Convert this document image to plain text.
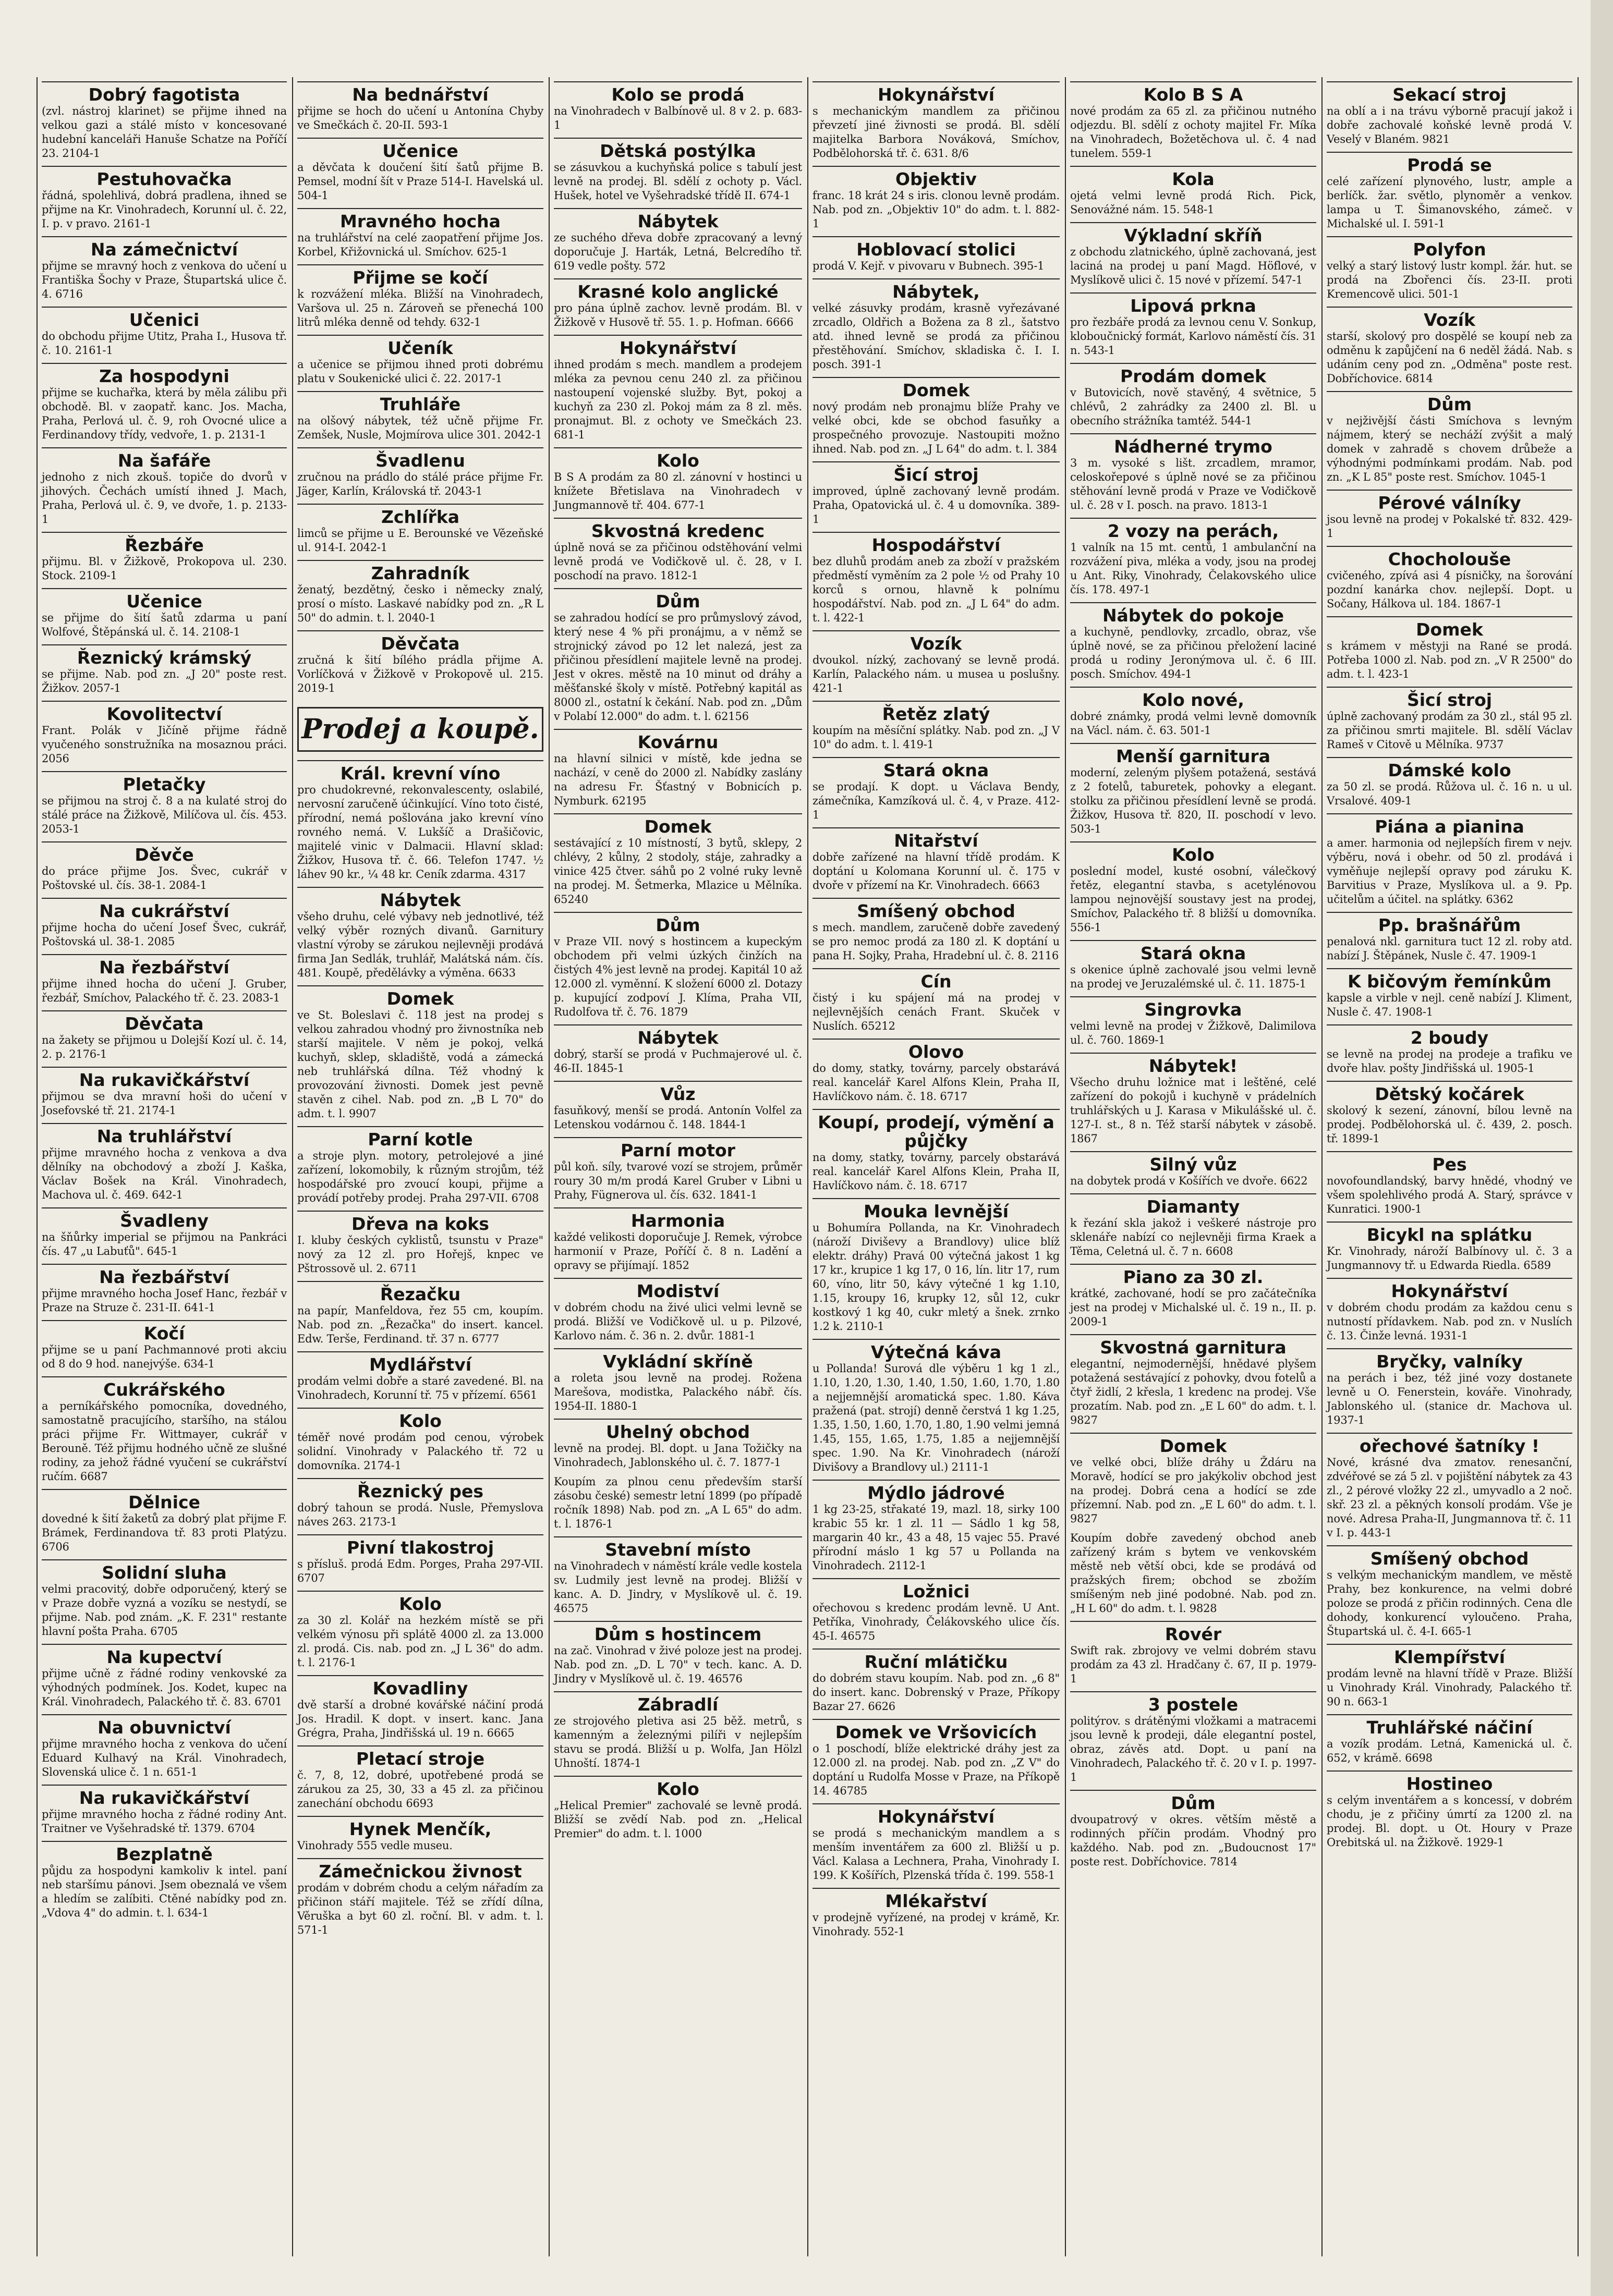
Dobrý fagotista
(zvl. nástroj klarinet) se přijme ihned na velkou gazi a stálé místo v koncesované hudební kanceláři Hanuše Schatze na Poříčí 23. 2104-1
Pestuhovačka
řádná, spolehlivá, dobrá pradlena, ihned se přijme na Kr. Vinohradech, Korunní ul. č. 22, I. p. v pravo. 2161-1
Na zámečnictví
přijme se mravný hoch z venkova do učení u Františka Šochy v Praze, Štupartská ulice č. 4. 6716
Učenici
do obchodu přijme Utitz, Praha I., Husova tř. č. 10. 2161-1
Za hospodyni
přijme se kuchařka, která by měla zálibu při obchodě. Bl. v zaopatř. kanc. Jos. Macha, Praha, Perlová ul. č. 9, roh Ovocné ulice a Ferdinandovy třídy, vedvoře, 1. p. 2131-1
Na šafáře
jednoho z nich zkouš. topiče do dvorů v jihových. Čechách umístí ihned J. Mach, Praha, Perlová ul. č. 9, ve dvoře, 1. p. 2133-1
Řezbáře
přijmu. Bl. v Žižkově, Prokopova ul. 230. Stock. 2109-1
Učenice
se přijme do šití šatů zdarma u paní Wolfové, Štěpánská ul. č. 14. 2108-1
Řeznický krámský
se přijme. Nab. pod zn. „J 20" poste rest. Žižkov. 2057-1
Kovolitectví
Frant. Polák v Jičíně přijme řádně vyučeného sonstružníka na mosaznou práci. 2056
Pletačky
se přijmou na stroj č. 8 a na kulaté stroj do stálé práce na Žižkově, Milíčova ul. čís. 453. 2053-1
Děvče
do práce přijme Jos. Švec, cukrář v Poštovské ul. čís. 38-1. 2084-1
Na cukrářství
přijme hocha do učení Josef Švec, cukrář, Poštovská ul. 38-1. 2085
Na řezbářství
přijme ihned hocha do učení J. Gruber, řezbář, Smíchov, Palackého tř. č. 23. 2083-1
Děvčata
na žakety se přijmou u Dolejší Kozí ul. č. 14, 2. p. 2176-1
Na rukavičkářství
přijmou se dva mravní hoši do učení v Josefovské tř. 21. 2174-1
Na truhlářství
přijme mravného hocha z venkova a dva dělníky na obchodový a zboží J. Kaška, Václav Bošek na Král. Vinohradech, Machova ul. č. 469. 642-1
Švadleny
na šňůrky imperial se přijmou na Pankráci čís. 47 „u Labuťů". 645-1
Na řezbářství
přijme mravného hocha Josef Hanc, řezbář v Praze na Struze č. 231-II. 641-1
Kočí
přijme se u paní Pachmannové proti akciu od 8 do 9 hod. nanejvýše. 634-1
Cukrářského
a perníkářského pomocníka, dovedného, samostatně pracujícího, staršího, na stálou práci přijme Fr. Wittmayer, cukrář v Berouně. Též přijmu hodného učně ze slušné rodiny, za jehož řádné vyučení se cukrářství ručím. 6687
Dělnice
dovedné k šití žaketů za dobrý plat přijme F. Brámek, Ferdinandova tř. 83 proti Platýzu. 6706
Solidní sluha
velmi pracovitý, dobře odporučený, který se v Praze dobře vyzná a vozíku se nestydí, se přijme. Nab. pod znám. „K. F. 231" restante hlavní pošta Praha. 6705
Na kupectví
přijme učně z řádné rodiny venkovské za výhodných podmínek. Jos. Kodet, kupec na Král. Vinohradech, Palackého tř. č. 83. 6701
Na obuvnictví
přijme mravného hocha z venkova do učení Eduard Kulhavý na Král. Vinohradech, Slovenská ulice č. 1 n. 651-1
Na rukavičkářství
přijme mravného hocha z řádné rodiny Ant. Traitner ve Vyšehradské tř. 1379. 6704
Bezplatně
půjdu za hospodyni kamkoliv k intel. paní neb staršímu pánovi. Jsem obeznalá ve všem a hledím se zalíbiti. Ctěné nabídky pod zn. „Vdova 4" do admin. t. l. 634-1
Na bednářství
přijme se hoch do učení u Antonína Chyby ve Smečkách č. 20-II. 593-1
Učenice
a děvčata k doučení šití šatů přijme B. Pemsel, modní šít v Praze 514-I. Havelská ul. 504-1
Mravného hocha
na truhlářství na celé zaopatření přijme Jos. Korbel, Křižovnická ul. Smíchov. 625-1
Přijme se kočí
k rozvážení mléka. Bližší na Vinohradech, Varšova ul. 25 n. Zároveň se přenechá 100 litrů mléka denně od tehdy. 632-1
Učeník
a učenice se přijmou ihned proti dobrému platu v Soukenické ulici č. 22. 2017-1
Truhláře
na olšový nábytek, též učně přijme Fr. Zemšek, Nusle, Mojmírova ulice 301. 2042-1
Švadlenu
zručnou na prádlo do stálé práce přijme Fr. Jäger, Karlín, Královská tř. 2043-1
Zchlířka
limců se přijme u E. Berounské ve Vězeňské ul. 914-I. 2042-1
Zahradník
ženatý, bezdětný, česko i německy znalý, prosí o místo. Laskavé nabídky pod zn. „R L 50" do admin. t. l. 2040-1
Děvčata
zručná k šití bílého prádla přijme A. Vorlíčková v Žižkově v Prokopově ul. 215. 2019-1
Prodej a koupě.
Král. krevní víno
pro chudokrevné, rekonvalescenty, oslabilé, nervosní zaručeně účinkující. Víno toto čisté, přírodní, nemá pošlována jako krevní víno rovného nemá. V. Lukšíč a Drašičovic, majitelé vinic v Dalmacii. Hlavní sklad: Žižkov, Husova tř. č. 66. Telefon 1747. ½ láhev 90 kr., ¼ 48 kr. Ceník zdarma. 4317
Nábytek
všeho druhu, celé výbavy neb jednotlivé, též velký výběr rozných divanů. Garnitury vlastní výroby se zárukou nejlevněji prodává firma Jan Sedlák, truhlář, Malátská nám. čís. 481. Koupě, předělávky a výměna. 6633
Domek
ve St. Boleslavi č. 118 jest na prodej s velkou zahradou vhodný pro živnostníka neb starší majitele. V něm je pokoj, velká kuchyň, sklep, skladiště, vodá a zámecká neb truhlářská dílna. Též vhodný k provozování živnosti. Domek jest pevně stavěn z cihel. Nab. pod zn. „B L 70" do adm. t. l. 9907
Parní kotle
a stroje plyn. motory, petrolejové a jiné zařízení, lokomobily, k různým strojům, též hospodářské pro zvoucí koupi, přijme a provádí potřeby prodej. Praha 297-VII. 6708
Dřeva na koks
I. kluby českých cyklistů, tsunstu v Praze" nový za 12 zl. pro Hořejš, knpec ve Pštrossově ul. 2. 6711
Řezačku
na papír, Manfeldova, řez 55 cm, koupím. Nab. pod zn. „Řezačka" do insert. kancel. Edw. Terše, Ferdinand. tř. 37 n. 6777
Mydlářství
prodám velmi dobře a staré zavedené. Bl. na Vinohradech, Korunní tř. 75 v přízemí. 6561
Kolo
téměř nové prodám pod cenou, výrobek solidní. Vinohrady v Palackého tř. 72 u domovníka. 2174-1
Řeznický pes
dobrý tahoun se prodá. Nusle, Přemyslova náves 263. 2173-1
Pivní tlakostroj
s přísluš. prodá Edm. Porges, Praha 297-VII. 6707
Kolo
za 30 zl. Kolář na hezkém místě se při velkém výnosu při splátě 4000 zl. za 13.000 zl. prodá. Cis. nab. pod zn. „J L 36" do adm. t. l. 2176-1
Kovadliny
dvě starší a drobné kovářské náčiní prodá Jos. Hradil. K dopt. v insert. kanc. Jana Grégra, Praha, Jindřišská ul. 19 n. 6665
Pletací stroje
č. 7, 8, 12, dobré, upotřebené prodá se zárukou za 25, 30, 33 a 45 zl. za přičinou zanechání obchodu 6693
Hynek Menčík,
Vinohrady 555 vedle museu.
Zámečnickou živnost
prodám v dobrém chodu a celým nářadím za přičinon stáří majitele. Též se zřídí dílna, Věruška a byt 60 zl. roční. Bl. v adm. t. l. 571-1
Kolo se prodá
na Vinohradech v Balbínově ul. 8 v 2. p. 683-1
Dětská postýlka
se zásuvkou a kuchyňská police s tabulí jest levně na prodej. Bl. sdělí z ochoty p. Václ. Hušek, hotel ve Vyšehradské třídě II. 674-1
Nábytek
ze suchého dřeva dobře zpracovaný a levný doporučuje J. Harták, Letná, Belcredího tř. 619 vedle pošty. 572
Krasné kolo anglické
pro pána úplně zachov. levně prodám. Bl. v Žižkově v Husově tř. 55. 1. p. Hofman. 6666
Hokynářství
ihned prodám s mech. mandlem a prodejem mléka za pevnou cenu 240 zl. za přičinou nastoupení vojenské služby. Byt, pokoj a kuchyň za 230 zl. Pokoj mám za 8 zl. měs. pronajmut. Bl. z ochoty ve Smečkách 23. 681-1
Kolo
B S A prodám za 80 zl. zánovní v hostinci u knížete Břetislava na Vinohradech v Jungmannově tř. 404. 677-1
Skvostná kredenc
úplně nová se za přičinou odstěhování velmi levně prodá ve Vodičkově ul. č. 28, v I. poschodí na pravo. 1812-1
Dům
se zahradou hodící se pro průmyslový závod, který nese 4 % při pronájmu, a v němž se strojnický závod po 12 let nalezá, jest za přičinou přesídlení majitele levně na prodej. Jest v okres. městě na 10 minut od dráhy a měšťanské školy v místě. Potřebný kapitál as 8000 zl., ostatní k čekání. Nab. pod zn. „Dům v Polabí 12.000" do adm. t. l. 62156
Kovárnu
na hlavní silnici v místě, kde jedna se nachází, v ceně do 2000 zl. Nabídky zaslány na adresu Fr. Šťastný v Bobnicích p. Nymburk. 62195
Domek
sestávající z 10 místností, 3 bytů, sklepy, 2 chlévy, 2 kůlny, 2 stodoly, stáje, zahradky a vinice 425 čtver. sáhů po 2 volné ruky levně na prodej. M. Šetmerka, Mlazice u Mělníka. 65240
Dům
v Praze VII. nový s hostincem a kupeckým obchodem při velmi úzkých činžích na čistých 4% jest levně na prodej. Kapitál 10 až 12.000 zl. vyměnní. K složení 6000 zl. Dotazy p. kupující zodpoví J. Klíma, Praha VII, Rudolfova tř. č. 76. 1879
Nábytek
dobrý, starší se prodá v Puchmajerové ul. č. 46-II. 1845-1
Vůz
fasuňkový, menší se prodá. Antonín Volfel za Letenskou vodárnou č. 148. 1844-1
Parní motor
půl koň. síly, tvarové vozí se strojem, průměr roury 30 m/m prodá Karel Gruber v Libni u Prahy, Fügnerova ul. čís. 632. 1841-1
Harmonia
každé velikosti doporučuje J. Remek, výrobce harmonií v Praze, Poříčí č. 8 n. Ladění a opravy se přijímají. 1852
Modiství
v dobrém chodu na živé ulici velmi levně se prodá. Bližší ve Vodičkově ul. u p. Pilzové, Karlovo nám. č. 36 n. 2. dvůr. 1881-1
Vykládní skříně
a roleta jsou levně na prodej. Rožena Marešova, modistka, Palackého nábř. čís. 1954-II. 1880-1
Uhelný obchod
levně na prodej. Bl. dopt. u Jana Tožičky na Vinohradech, Jablonského ul. č. 7. 1877-1
Koupím za plnou cenu především starší zásobu české) semestr letní 1899 (po případě ročník 1898) Nab. pod zn. „A L 65" do adm. t. l. 1876-1
Stavební místo
na Vinohradech v náměstí krále vedle kostela sv. Ludmily jest levně na prodej. Bližší v kanc. A. D. Jindry, v Myslíkově ul. č. 19. 46575
Dům s hostincem
na zač. Vinohrad v živé poloze jest na prodej. Nab. pod zn. „D. L 70" v tech. kanc. A. D. Jindry v Myslíkově ul. č. 19. 46576
Zábradlí
ze strojového pletiva asi 25 běž. metrů, s kamenným a železnými pilíři v nejlepším stavu se prodá. Bližší u p. Wolfa, Jan Hölzl Uhnoští. 1874-1
Kolo
„Helical Premier" zachovalé se levně prodá. Bližší se zvědí Nab. pod zn. „Helical Premier" do adm. t. l. 1000
Hokynářství
s mechanickým mandlem za přičinou převzetí jiné živnosti se prodá. Bl. sdělí majitelka Barbora Nováková, Smíchov, Podbělohorská tř. č. 631. 8/6
Objektiv
franc. 18 krát 24 s iris. clonou levně prodám. Nab. pod zn. „Objektiv 10" do adm. t. l. 882-1
Hoblovací stolici
prodá V. Kejř. v pivovaru v Bubnech. 395-1
Nábytek,
velké zásuvky prodám, krasně vyřezávané zrcadlo, Oldřich a Božena za 8 zl., šatstvo atd. ihned levně se prodá za přičinou přestěhování. Smíchov, skladiska č. I. I. posch. 391-1
Domek
nový prodám neb pronajmu blíže Prahy ve velké obci, kde se obchod fasuňky a prospečného provozuje. Nastoupiti možno ihned. Nab. pod zn. „J L 64" do adm. t. l. 384
Šicí stroj
improved, úplně zachovaný levně prodám. Praha, Opatovická ul. č. 4 u domovníka. 389-1
Hospodářství
bez dluhů prodám aneb za zboží v pražském předměstí vyměním za 2 pole ½ od Prahy 10 korců s ornou, hlavně k polnímu hospodářství. Nab. pod zn. „J L 64" do adm. t. l. 422-1
Vozík
dvoukol. nízký, zachovaný se levně prodá. Karlín, Palackého nám. u musea u poslušny. 421-1
Řetěz zlatý
koupím na měsíční splátky. Nab. pod zn. „J V 10" do adm. t. l. 419-1
Stará okna
se prodají. K dopt. u Václava Bendy, zámečníka, Kamzíková ul. č. 4, v Praze. 412-1
Nitařství
dobře zařízené na hlavní třídě prodám. K doptání u Kolomana Korunní ul. č. 175 v dvoře v přízemí na Kr. Vinohradech. 6663
Smíšený obchod
s mech. mandlem, zaručeně dobře zavedený se pro nemoc prodá za 180 zl. K doptání u pana H. Sojky, Praha, Hradební ul. č. 8. 2116
Cín
čistý i ku spájení má na prodej v nejlevnějších cenách Frant. Skuček v Nuslích. 65212
Olovo
do domy, statky, továrny, parcely obstarává real. kancelář Karel Alfons Klein, Praha II, Havlíčkovo nám. č. 18. 6717
Koupí, prodejí, výmění a půjčky
na domy, statky, továrny, parcely obstarává real. kancelář Karel Alfons Klein, Praha II, Havlíčkovo nám. č. 18. 6717
Mouka levnější
u Bohumíra Pollanda, na Kr. Vinohradech (nároží Diviševy a Brandlovy) ulice blíž elektr. dráhy) Pravá 00 výtečná jakost 1 kg 17 kr., krupice 1 kg 17, 0 16, lín. litr 17, rum 60, víno, litr 50, kávy výtečné 1 kg 1.10, 1.15, kroupy 16, krupky 12, sůl 12, cukr kostkový 1 kg 40, cukr mletý a šnek. zrnko 1.2 k. 2110-1
Výtečná káva
u Pollanda! Surová dle výběru 1 kg 1 zl., 1.10, 1.20, 1.30, 1.40, 1.50, 1.60, 1.70, 1.80 a nejjemnější aromatická spec. 1.80. Káva pražená (pat. strojí) denně čerstvá 1 kg 1.25, 1.35, 1.50, 1.60, 1.70, 1.80, 1.90 velmi jemná 1.45, 155, 1.65, 1.75, 1.85 a nejjemnější spec. 1.90. Na Kr. Vinohradech (nároží Divišovy a Brandlovy ul.) 2111-1
Mýdlo jádrové
1 kg 23-25, střakaté 19, mazl. 18, sirky 100 krabic 55 kr. 1 zl. 11 — Sádlo 1 kg 58, margarin 40 kr., 43 a 48, 15 vajec 55. Pravé přírodní máslo 1 kg 57 u Pollanda na Vinohradech. 2112-1
Ložnici
ořechovou s kredenc prodám levně. U Ant. Petříka, Vinohrady, Čelákovského ulice čís. 45-I. 46575
Ruční mlátičku
do dobrém stavu koupím. Nab. pod zn. „6 8" do insert. kanc. Dobrenský v Praze, Příkopy Bazar 27. 6626
Domek ve Vršovicích
o 1 poschodí, blíže elektrické dráhy jest za 12.000 zl. na prodej. Nab. pod zn. „Z V" do doptání u Rudolfa Mosse v Praze, na Příkopě 14. 46785
Hokynářství
se prodá s mechanickým mandlem a s menším inventářem za 600 zl. Bližší u p. Václ. Kalasa a Lechnera, Praha, Vinohrady I. 199. K Košířích, Plzenská třída č. 199. 558-1
Mlékařství
v prodejně vyřízené, na prodej v krámě, Kr. Vinohrady. 552-1
Kolo B S A
nové prodám za 65 zl. za přičinou nutného odjezdu. Bl. sdělí z ochoty majitel Fr. Míka na Vinohradech, Božetěchova ul. č. 4 nad tunelem. 559-1
Kola
ojetá velmi levně prodá Rich. Pick, Senovážné nám. 15. 548-1
Výkladní skříň
z obchodu zlatnického, úplně zachovaná, jest laciná na prodej u paní Magd. Höflové, v Myslíkově ulici č. 15 nové v přízemí. 547-1
Lipová prkna
pro řezbáře prodá za levnou cenu V. Sonkup, kloboučnický formát, Karlovo náměstí čís. 31 n. 543-1
Prodám domek
v Butovicích, nově stavěný, 4 světnice, 5 chlévů, 2 zahrádky za 2400 zl. Bl. u obecního strážníka tamtéž. 544-1
Nádherné trymo
3 m. vysoké s lišt. zrcadlem, mramor, celoskořepové s úplně nové se za přičinou stěhování levně prodá v Praze ve Vodičkově ul. č. 28 v I. posch. na pravo. 1813-1
2 vozy na perách,
1 valník na 15 mt. centů, 1 ambulanční na rozvážení piva, mléka a vody, jsou na prodej u Ant. Riky, Vinohrady, Čelakovského ulice čís. 178. 497-1
Nábytek do pokoje
a kuchyně, pendlovky, zrcadlo, obraz, vše úplně nové, se za přičinou přeložení laciné prodá u rodiny Jeronýmova ul. č. 6 III. posch. Smíchov. 494-1
Kolo nové,
dobré známky, prodá velmi levně domovník na Václ. nám. č. 63. 501-1
Menší garnitura
moderní, zeleným plyšem potažená, sestává z 2 fotelů, taburetek, pohovky a elegant. stolku za přičinou přesídlení levně se prodá. Žižkov, Husova tř. 820, II. poschodí v levo. 503-1
Kolo
poslední model, kusté osobní, válečkový řetěz, elegantní stavba, s acetylénovou lampou nejnovější soustavy jest na prodej, Smíchov, Palackého tř. 8 bližší u domovníka. 556-1
Stará okna
s okenice úplně zachovalé jsou velmi levně na prodej ve Jeruzalémské ul. č. 11. 1875-1
Singrovka
velmi levně na prodej v Žižkově, Dalimilova ul. č. 760. 1869-1
Nábytek!
Všecho druhu ložnice mat i leštěné, celé zařízení do pokojů i kuchyně v prádelních truhlářských u J. Karasa v Mikulášské ul. č. 127-I. st., 8 n. Též starší nábytek v zásobě. 1867
Silný vůz
na dobytek prodá v Košířích ve dvoře. 6622
Diamanty
k řezání skla jakož i veškeré nástroje pro sklenáře nabízí co nejlevněji firma Kraek a Těma, Celetná ul. č. 7 n. 6608
Piano za 30 zl.
krátké, zachované, hodí se pro začátečníka jest na prodej v Michalské ul. č. 19 n., II. p. 2009-1
Skvostná garnitura
elegantní, nejmodernější, hnědavé plyšem potažená sestávající z pohovky, dvou fotelů a čtyř židlí, 2 křesla, 1 kredenc na prodej. Vše prozatím. Nab. pod zn. „E L 60" do adm. t. l. 9827
Domek
ve velké obci, blíže dráhy u Ždáru na Moravě, hodící se pro jakýkoliv obchod jest na prodej. Dobrá cena a hodící se zde přízemní. Nab. pod zn. „E L 60" do adm. t. l. 9827
Koupím dobře zavedený obchod aneb zařízený krám s bytem ve venkovském městě neb větší obci, kde se prodává od pražských firem; obchod se zbožím smíšeným neb jiné podobné. Nab. pod zn. „H L 60" do adm. t. l. 9828
Rovér
Swift rak. zbrojovy ve velmi dobrém stavu prodám za 43 zl. Hradčany č. 67, II p. 1979-1
3 postele
politýrov. s drátěnými vložkami a matracemi jsou levně k prodeji, dále elegantní postel, obraz, závěs atd. Dopt. u paní na Vinohradech, Palackého tř. č. 20 v I. p. 1997-1
Dům
dvoupatrový v okres. větším městě a rodinných příčin prodám. Vhodný pro každého. Nab. pod zn. „Budoucnost 17" poste rest. Dobříchovice. 7814
Sekací stroj
na oblí a i na trávu výborně pracují jakož i dobře zachovalé koňské levně prodá V. Veselý v Blaném. 9821
Prodá se
celé zařízení plynového, lustr, ample a berlíčk. žar. světlo, plynoměr a venkov. lampa u T. Šimanovského, zámeč. v Michalské ul. I. 591-1
Polyfon
velký a starý listový lustr kompl. žár. hut. se prodá na Zbořenci čís. 23-II. proti Kremencově ulici. 501-1
Vozík
starší, skolový pro dospělé se koupí neb za odměnu k zapůjčení na 6 neděl žádá. Nab. s udáním ceny pod zn. „Odměna" poste rest. Dobříchovice. 6814
Dům
v nejživější části Smíchova s levným nájmem, který se necháží zvýšit a malý domek v zahradě s chovem drůbeže a výhodnými podmínkami prodám. Nab. pod zn. „K L 85" poste rest. Smíchov. 1045-1
Pérové válníky
jsou levně na prodej v Pokalské tř. 832. 429-1
Chocholouše
cvičeného, zpívá asi 4 písničky, na šorování pozdní kanárka chov. nejlepší. Dopt. u Sočany, Hálkova ul. 184. 1867-1
Domek
s krámem v městyji na Rané se prodá. Potřeba 1000 zl. Nab. pod zn. „V R 2500" do adm. t. l. 423-1
Šicí stroj
úplně zachovaný prodám za 30 zl., stál 95 zl. za přičinou smrti majitele. Bl. sdělí Václav Rameš v Citově u Mělníka. 9737
Dámské kolo
za 50 zl. se prodá. Růžova ul. č. 16 n. u ul. Vrsalové. 409-1
Piána a pianina
a amer. harmonia od nejlepších firem v nejv. výběru, nová i obehr. od 50 zl. prodává i vyměňuje nejlepší opravy pod záruku K. Barvitius v Praze, Myslíkova ul. a 9. Pp. učitelům a účitel. na splátky. 6362
Pp. brašnářům
penalová nkl. garnitura tuct 12 zl. roby atd. nabízí J. Štěpánek, Nusle č. 47. 1909-1
K bičovým řemínkům
kapsle a virble v nejl. ceně nabízí J. Kliment, Nusle č. 47. 1908-1
2 boudy
se levně na prodej na prodeje a trafiku ve dvoře hlav. pošty Jindřišská ul. 1905-1
Dětský kočárek
skolový k sezení, zánovní, bílou levně na prodej. Podbělohorská ul. č. 439, 2. posch. tř. 1899-1
Pes
novofoundlandský, barvy hnědé, vhodný ve všem spolehlivého prodá A. Starý, správce v Kunratici. 1900-1
Bicykl na splátku
Kr. Vinohrady, nároží Balbínovy ul. č. 3 a Jungmannovy tř. u Edwarda Riedla. 6589
Hokynářství
v dobrém chodu prodám za každou cenu s nutností přídavkem. Nab. pod zn. v Nuslích č. 13. Činže levná. 1931-1
Bryčky, valníky
na perách i bez, též jiné vozy dostanete levně u O. Fenerstein, kováře. Vinohrady, Jablonského ul. (stanice dr. Machova ul. 1937-1
ořechové šatníky !
Nové, krásné dva zmatov. renesanční, zdvéřové se zá 5 zl. v pojištění nábytek za 43 zl., 2 pérové vložky 22 zl., umyvadlo a 2 noč. skř. 23 zl. a pěkných konsolí prodám. Vše je nové. Adresa Praha-II, Jungmannova tř. č. 11 v I. p. 443-1
Smíšený obchod
s velkým mechanickým mandlem, ve městě Prahy, bez konkurence, na velmi dobré poloze se prodá z přičin rodinných. Cena dle dohody, konkurencí vyloučeno. Praha, Štupartská ul. č. 4-I. 665-1
Klempířství
prodám levně na hlavní třídě v Praze. Bližší u Vinohrady Král. Vinohrady, Palackého tř. 90 n. 663-1
Truhlářské náčiní
a vozík prodám. Letná, Kamenická ul. č. 652, v krámě. 6698
Hostineo
s celým inventářem a s koncessí, v dobrém chodu, je z přičiny úmrtí za 1200 zl. na prodej. Bl. dopt. u Ot. Houry v Praze Orebitská ul. na Žižkově. 1929-1
